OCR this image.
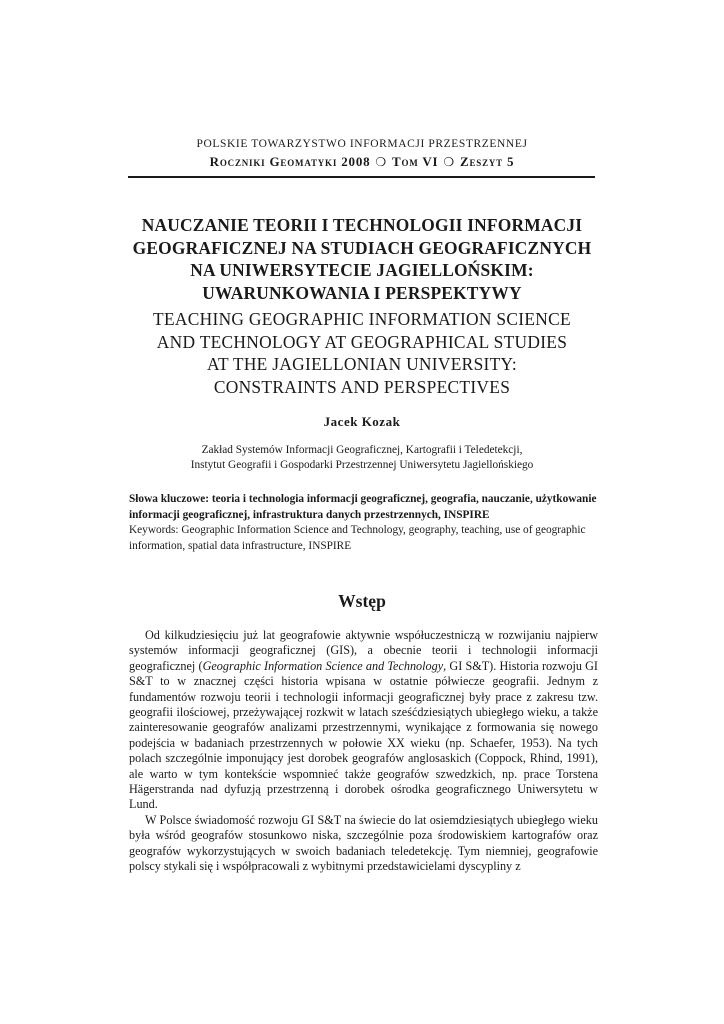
POLSKIE TOWARZYSTWO INFORMACJI PRZESTRZENNEJ
Roczniki Geomatyki 2008 ❍ Tom VI ❍ Zeszyt 5
NAUCZANIE TEORII I TECHNOLOGII INFORMACJI
GEOGRAFICZNEJ NA STUDIACH GEOGRAFICZNYCH
NA UNIWERSYTECIE JAGIELLOŃSKIM:
UWARUNKOWANIA I PERSPEKTYWY
TEACHING GEOGRAPHIC INFORMATION SCIENCE
AND TECHNOLOGY AT GEOGRAPHICAL STUDIES
AT THE JAGIELLONIAN UNIVERSITY:
CONSTRAINTS AND PERSPECTIVES
Jacek Kozak
Zakład Systemów Informacji Geograficznej, Kartografii i Teledetekcji,
Instytut Geografii i Gospodarki Przestrzennej Uniwersytetu Jagiellońskiego
Słowa kluczowe: teoria i technologia informacji geograficznej, geografia, nauczanie, użytkowanie informacji geograficznej, infrastruktura danych przestrzennych, INSPIRE
Keywords: Geographic Information Science and Technology, geography, teaching, use of geographic information, spatial data infrastructure, INSPIRE
Wstęp

Od kilkudziesięciu już lat geografowie aktywnie współuczestniczą w rozwijaniu najpierw systemów informacji geograficznej (GIS), a obecnie teorii i technologii informacji geograficznej (Geographic Information Science and Technology, GI S&T). Historia rozwoju GI S&T to w znacznej części historia wpisana w ostatnie półwiecze geografii. Jednym z fundamentów rozwoju teorii i technologii informacji geograficznej były prace z zakresu tzw. geografii ilościowej, przeżywającej rozkwit w latach sześćdziesiątych ubiegłego wieku, a także zainteresowanie geografów analizami przestrzennymi, wynikające z formowania się nowego podejścia w badaniach przestrzennych w połowie XX wieku (np. Schaefer, 1953). Na tych polach szczególnie imponujący jest dorobek geografów anglosaskich (Coppock, Rhind, 1991), ale warto w tym kontekście wspomnieć także geografów szwedzkich, np. prace Torstena Hägerstranda nad dyfuzją przestrzenną i dorobek ośrodka geograficznego Uniwersytetu w Lund.

W Polsce świadomość rozwoju GI S&T na świecie do lat osiemdziesiątych ubiegłego wieku była wśród geografów stosunkowo niska, szczególnie poza środowiskiem kartografów oraz geografów wykorzystujących w swoich badaniach teledetekcję. Tym niemniej, geografowie polscy stykali się i współpracowali z wybitnymi przedstawicielami dyscypliny z
